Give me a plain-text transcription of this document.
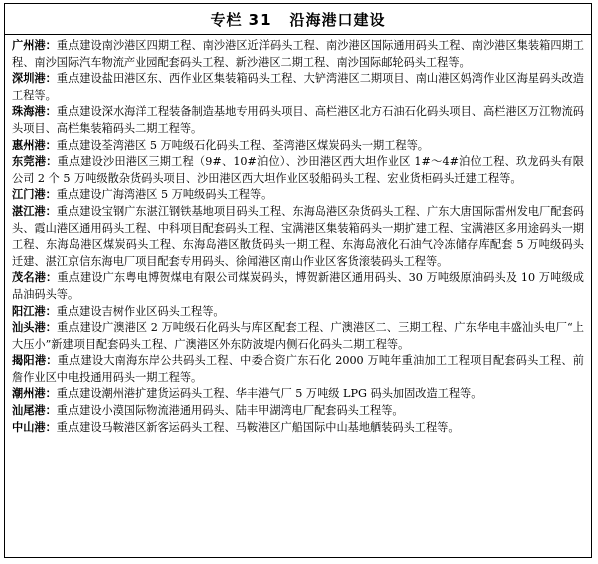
专栏 31 沿海港口建设

广州港：重点建设南沙港区四期工程、南沙港区近洋码头工程、南沙港区国际通用码头工程、南沙港区集装箱四期工程、南沙国际汽车物流产业园配套码头工程、新沙港区二期工程、南沙国际邮轮码头工程等。

深圳港：重点建设盐田港区东、西作业区集装箱码头工程、大铲湾港区二期项目、南山港区妈湾作业区海星码头改造工程等。

珠海港：重点建设深水海洋工程装备制造基地专用码头项目、高栏港区北方石油石化码头项目、高栏港区万江物流码头项目、高栏集装箱码头二期工程等。

惠州港：重点建设荃湾港区 5 万吨级石化码头工程、荃湾港区煤炭码头一期工程等。

东莞港：重点建设沙田港区三期工程（9#、10#泊位）、沙田港区西大坦作业区 1#～4#泊位工程、玖龙码头有限公司 2 个 5 万吨级散杂货码头项目、沙田港区西大坦作业区驳船码头工程、宏业货柜码头迁建工程等。

江门港：重点建设广海湾港区 5 万吨级码头工程等。

湛江港：重点建设宝钢广东湛江钢铁基地项目码头工程、东海岛港区杂货码头工程、广东大唐国际雷州发电厂配套码头、霞山港区通用码头工程、中科项目配套码头工程、宝满港区集装箱码头一期扩建工程、宝满港区多用途码头一期工程、东海岛港区煤炭码头工程、东海岛港区散货码头一期工程、东海岛液化石油气冷冻储存库配套 5 万吨级码头迁建、湛江京信东海电厂项目配套专用码头、徐闻港区南山作业区客货滚装码头工程等。

茂名港：重点建设广东粤电博贺煤电有限公司煤炭码头，博贺新港区通用码头、30 万吨级原油码头及 10 万吨级成品油码头等。

阳江港：重点建设吉树作业区码头工程等。

汕头港：重点建设广澳港区 2 万吨级石化码头与库区配套工程、广澳港区二、三期工程、广东华电丰盛汕头电厂“上大压小”新建项目配套码头工程、广澳港区外东防波堤内侧石化码头二期工程等。

揭阳港：重点建设大南海东岸公共码头工程、中委合资广东石化 2000 万吨年重油加工工程项目配套码头工程、前詹作业区中电投通用码头一期工程等。

潮州港：重点建设潮州港扩建货运码头工程、华丰港气厂 5 万吨级 LPG 码头加固改造工程等。

汕尾港：重点建设小漠国际物流港通用码头、陆丰甲湖湾电厂配套码头工程等。

中山港：重点建设马鞍港区新客运码头工程、马鞍港区广船国际中山基地舾装码头工程等。
